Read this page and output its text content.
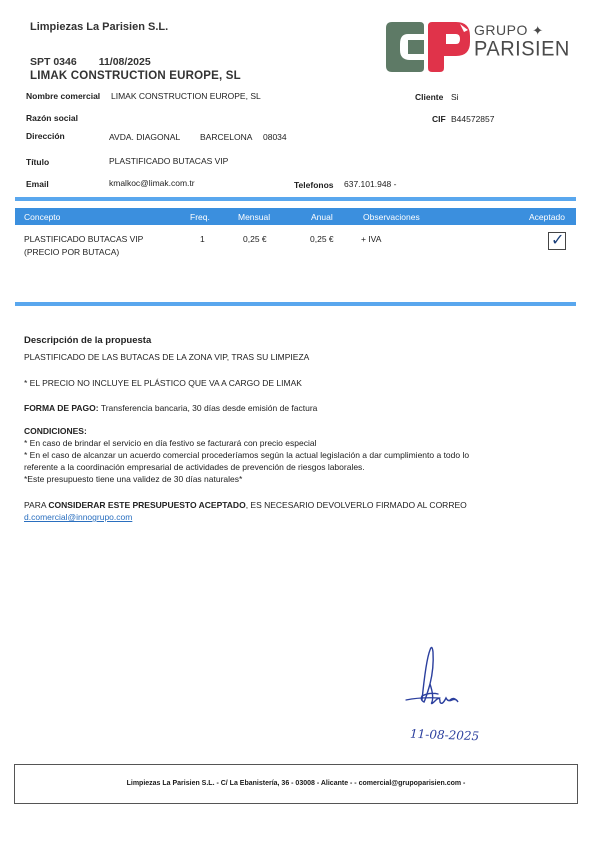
Limpiezas La Parisien S.L.	GRUPO ✦
PARISIEN
SPT 0346 11/08/2025
LIMAK CONSTRUCTION EUROPE, SL
Nombre comercial LIMAK CONSTRUCTION EUROPE, SL	Cliente Si
Razón social	CIF B44572857
Dirección	AVDA. DIAGONAL BARCELONA 08034
Título	PLASTIFICADO BUTACAS VIP
Email	kmalkoc@limak.com.tr	Telefonos 637.101.948 -
Concepto	Freq.	Mensual	Anual	Observaciones	Aceptado
PLASTIFICADO BUTACAS VIP
(PRECIO POR BUTACA)
1	0,25 €	0,25 €	+ IVA	✓
Descripción de la propuesta
PLASTIFICADO DE LAS BUTACAS DE LA ZONA VIP, TRAS SU LIMPIEZA
* EL PRECIO NO INCLUYE EL PLÁSTICO QUE VA A CARGO DE LIMAK
FORMA DE PAGO: Transferencia bancaria, 30 días desde emisión de factura
CONDICIONES:
* En caso de brindar el servicio en día festivo se facturará con precio especial
* En el caso de alcanzar un acuerdo comercial procederíamos según la actual legislación a dar cumplimiento a todo lo
referente a la coordinación empresarial de actividades de prevención de riesgos laborales.
*Este presupuesto tiene una validez de 30 días naturales*
PARA CONSIDERAR ESTE PRESUPUESTO ACEPTADO, ES NECESARIO DEVOLVERLO FIRMADO AL CORREO
d.comercial@innogrupo.com
11-08-2025
Limpiezas La Parisien S.L. - C/ La Ebanistería, 36 - 03008 - Alicante - - comercial@grupoparisien.com -
